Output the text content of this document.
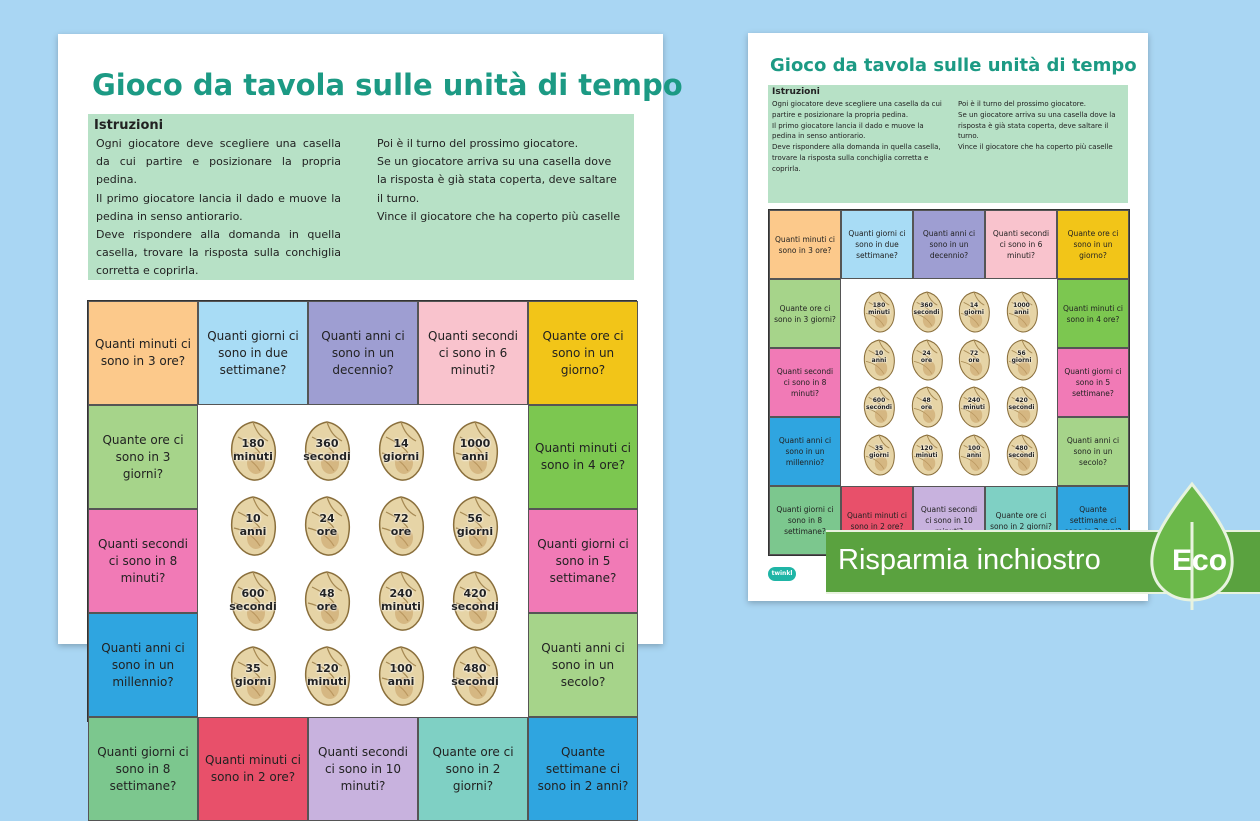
Gioco da tavola sulle unità di tempo
Istruzioni
Ogni giocatore deve scegliere una casella da cui partire e posizionare la propria pedina.
Il primo giocatore lancia il dado e muove la pedina in senso antiorario.
Deve rispondere alla domanda in quella casella, trovare la risposta sulla conchiglia corretta e coprirla.
Poi è il turno del prossimo giocatore.
Se un giocatore arriva su una casella dove la risposta è già stata coperta, deve saltare il turno.
Vince il giocatore che ha coperto più caselle
Quanti minuti ci sono in 3 ore?
Quanti giorni ci sono in due settimane?
Quanti anni ci sono in un decennio?
Quanti secondi ci sono in 6 minuti?
Quante ore ci sono in un giorno?
Quante ore ci sono in 3 giorni?
Quanti secondi ci sono in 8 minuti?
Quanti anni ci sono in un millennio?
Quanti minuti ci sono in 4 ore?
Quanti giorni ci sono in 5 settimane?
Quanti anni ci sono in un secolo?
Quanti giorni ci sono in 8 settimane?
Quanti minuti ci sono in 2 ore?
Quanti secondi ci sono in 10 minuti?
Quante ore ci sono in 2 giorni?
Quante settimane ci sono in 2 anni?
180
minuti
360
secondi
14
giorni
1000
anni
10
anni
24
ore
72
ore
56
giorni
600
secondi
48
ore
240
minuti
420
secondi
35
giorni
120
minuti
100
anni
480
secondi
Gioco da tavola sulle unità di tempo
Istruzioni
Ogni giocatore deve scegliere una casella da cui partire e posizionare la propria pedina.
Il primo giocatore lancia il dado e muove la pedina in senso antiorario.
Deve rispondere alla domanda in quella casella, trovare la risposta sulla conchiglia corretta e coprirla.
Poi è il turno del prossimo giocatore.
Se un giocatore arriva su una casella dove la risposta è già stata coperta, deve saltare il turno.
Vince il giocatore che ha coperto più caselle
Quanti minuti ci sono in 3 ore?
Quanti giorni ci sono in due settimane?
Quanti anni ci sono in un decennio?
Quanti secondi ci sono in 6 minuti?
Quante ore ci sono in un giorno?
Quante ore ci sono in 3 giorni?
Quanti secondi ci sono in 8 minuti?
Quanti anni ci sono in un millennio?
Quanti minuti ci sono in 4 ore?
Quanti giorni ci sono in 5 settimane?
Quanti anni ci sono in un secolo?
Quanti giorni ci sono in 8 settimane?
Quanti minuti ci sono in 2 ore?
Quanti secondi ci sono in 10
Quante ore ci sono in 2 giorni?
Quante settimane ci
180
minuti
360
secondi
14
giorni
1000
anni
10
anni
24
ore
72
ore
56
giorni
600
secondi
48
ore
240
minuti
420
secondi
35
giorni
120
minuti
100
anni
480
secondi
twinkl Risparmia inchiostro Eco
